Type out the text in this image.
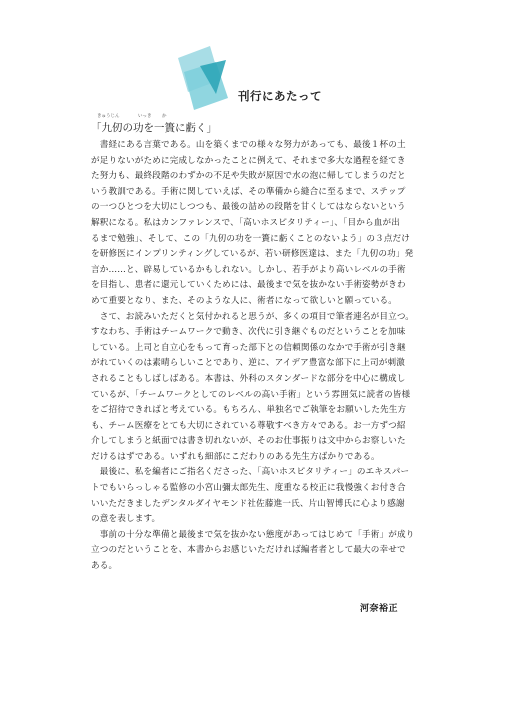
刊行にあたって
きゅうじん	いっき か
「九仞の功を一簣に虧く」
　書経にある言葉である。山を築くまでの様々な努力があっても、最後１杯の土
が足りないがために完成しなかったことに例えて、それまで多大な過程を経てき
た努力も、最終段階のわずかの不足や失敗が原因で水の泡に帰してしまうのだと
いう教訓である。手術に関していえば、その準備から縫合に至るまで、ステップ
の一つひとつを大切にしつつも、最後の詰めの段階を甘くしてはならないという
解釈になる。私はカンファレンスで、「高いホスピタリティー」、「目から血が出
るまで勉強」、そして、この「九仞の功を一簣に虧くことのないよう」の３点だけ
を研修医にインプリンティングしているが、若い研修医達は、また「九仞の功」発
言か……と、辟易しているかもしれない。しかし、若手がより高いレベルの手術
を目指し、患者に還元していくためには、最後まで気を抜かない手術姿勢がきわ
めて重要となり、また、そのような人に、術者になって欲しいと願っている。
　さて、お読みいただくと気付かれると思うが、多くの項目で筆者連名が目立つ。
すなわち、手術はチームワークで動き、次代に引き継ぐものだということを加味
している。上司と自立心をもって育った部下との信頼関係のなかで手術が引き継
がれていくのは素晴らしいことであり、逆に、アイデア豊富な部下に上司が刺激
されることもしばしばある。本書は、外科のスタンダードな部分を中心に構成し
ているが、「チームワークとしてのレベルの高い手術」という雰囲気に読者の皆様
をご招待できればと考えている。もちろん、単独名でご執筆をお願いした先生方
も、チーム医療をとても大切にされている尊敬すべき方々である。お一方ずつ紹
介してしまうと紙面では書き切れないが、そのお仕事振りは文中からお察しいた
だけるはずである。いずれも細部にこだわりのある先生方ばかりである。
　最後に、私を編者にご指名くださった、「高いホスピタリティー」のエキスパー
トでもいらっしゃる監修の小宮山彌太郎先生、度重なる校正に我慢強くお付き合
いいただきましたデンタルダイヤモンド社佐藤進一氏、片山智博氏に心より感謝
の意を表します。
　事前の十分な準備と最後まで気を抜かない態度があってはじめて「手術」が成り
立つのだということを、本書からお感じいただければ編者者として最大の幸せで
ある。
河奈裕正
